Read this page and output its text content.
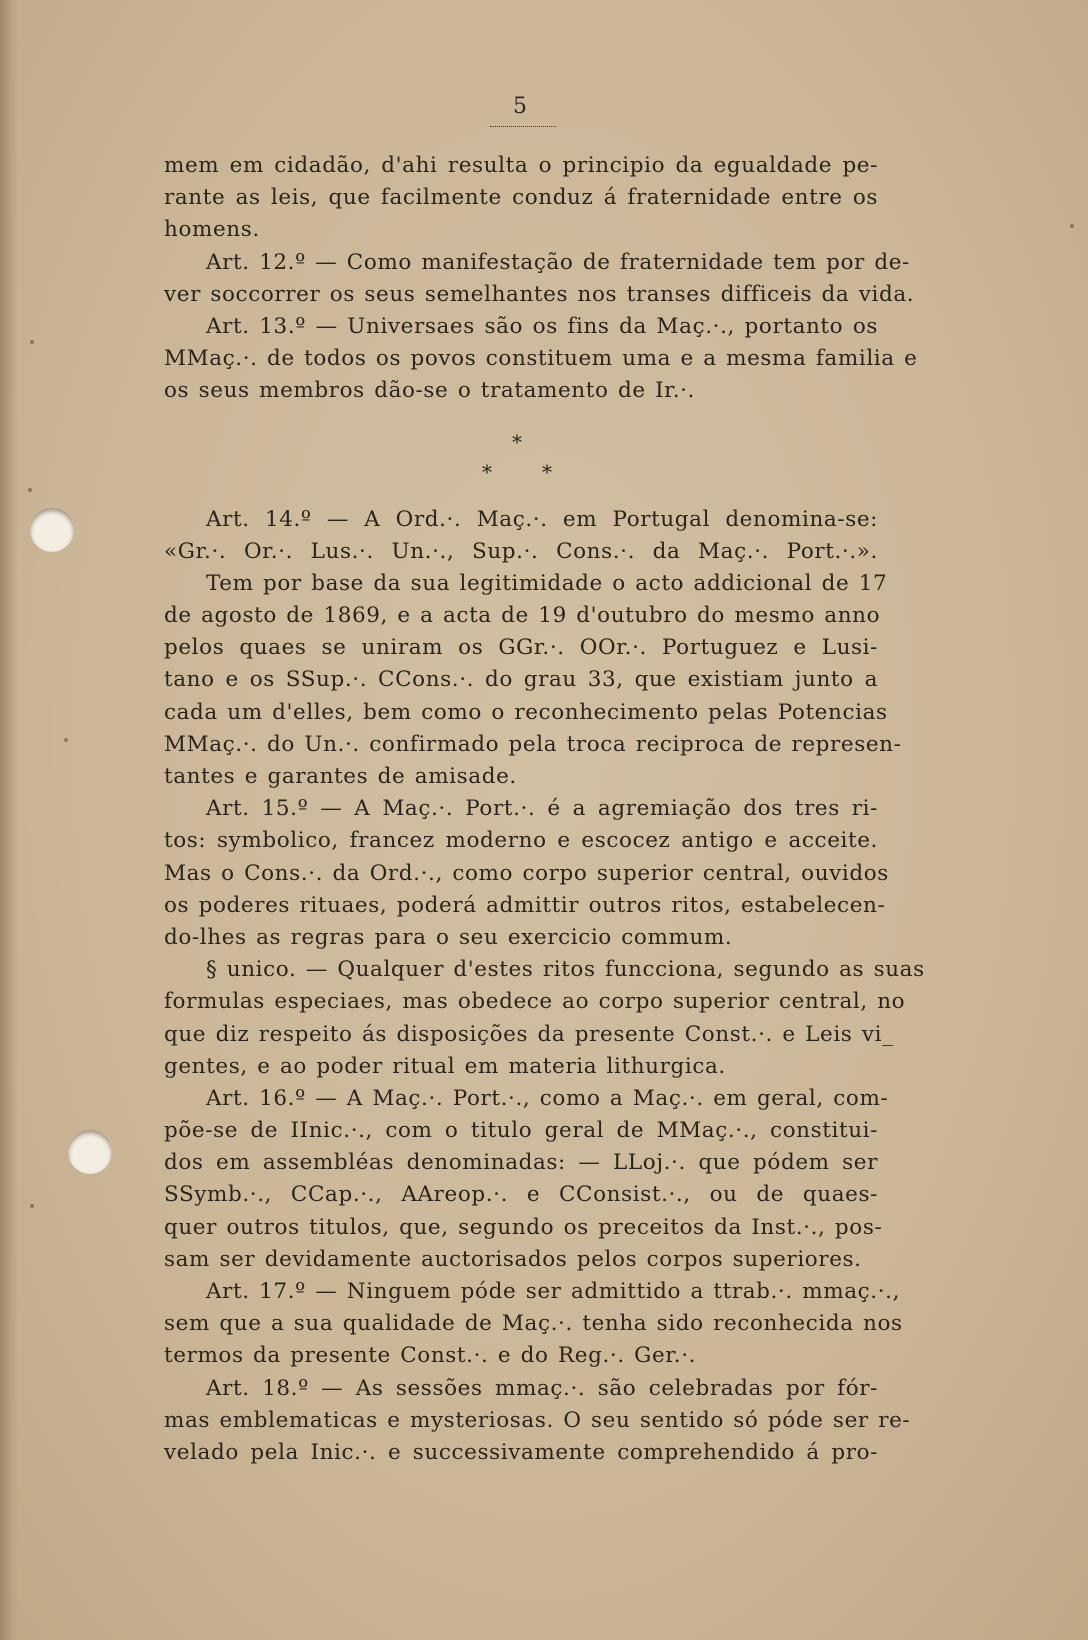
5
mem em cidadão, d'ahi resulta o principio da egualdade pe-
rante as leis, que facilmente conduz á fraternidade entre os
homens.
Art. 12.º — Como manifestação de fraternidade tem por de-
ver soccorrer os seus semelhantes nos transes difficeis da vida.
Art. 13.º — Universaes são os fins da Maç.·., portanto os
MMaç.·. de todos os povos constituem uma e a mesma familia e
os seus membros dão-se o tratamento de Ir.·.
*
* *
Art. 14.º — A Ord.·. Maç.·. em Portugal denomina-se:
«Gr.·. Or.·. Lus.·. Un.·., Sup.·. Cons.·. da Maç.·. Port.·.».
Tem por base da sua legitimidade o acto addicional de 17
de agosto de 1869, e a acta de 19 d'outubro do mesmo anno
pelos quaes se uniram os GGr.·. OOr.·. Portuguez e Lusi-
tano e os SSup.·. CCons.·. do grau 33, que existiam junto a
cada um d'elles, bem como o reconhecimento pelas Potencias
MMaç.·. do Un.·. confirmado pela troca reciproca de represen-
tantes e garantes de amisade.
Art. 15.º — A Maç.·. Port.·. é a agremiação dos tres ri-
tos: symbolico, francez moderno e escocez antigo e acceite.
Mas o Cons.·. da Ord.·., como corpo superior central, ouvidos
os poderes rituaes, poderá admittir outros ritos, estabelecen-
do-lhes as regras para o seu exercicio commum.
§ unico. — Qualquer d'estes ritos funcciona, segundo as suas
formulas especiaes, mas obedece ao corpo superior central, no
que diz respeito ás disposições da presente Const.·. e Leis vi_
gentes, e ao poder ritual em materia lithurgica.
Art. 16.º — A Maç.·. Port.·., como a Maç.·. em geral, com-
põe-se de IInic.·., com o titulo geral de MMaç.·., constitui-
dos em assembléas denominadas: — LLoj.·. que pódem ser
SSymb.·., CCap.·., AAreop.·. e CConsist.·., ou de quaes-
quer outros titulos, que, segundo os preceitos da Inst.·., pos-
sam ser devidamente auctorisados pelos corpos superiores.
Art. 17.º — Ninguem póde ser admittido a ttrab.·. mmaç.·.,
sem que a sua qualidade de Maç.·. tenha sido reconhecida nos
termos da presente Const.·. e do Reg.·. Ger.·.
Art. 18.º — As sessões mmaç.·. são celebradas por fór-
mas emblematicas e mysteriosas. O seu sentido só póde ser re-
velado pela Inic.·. e successivamente comprehendido á pro-
